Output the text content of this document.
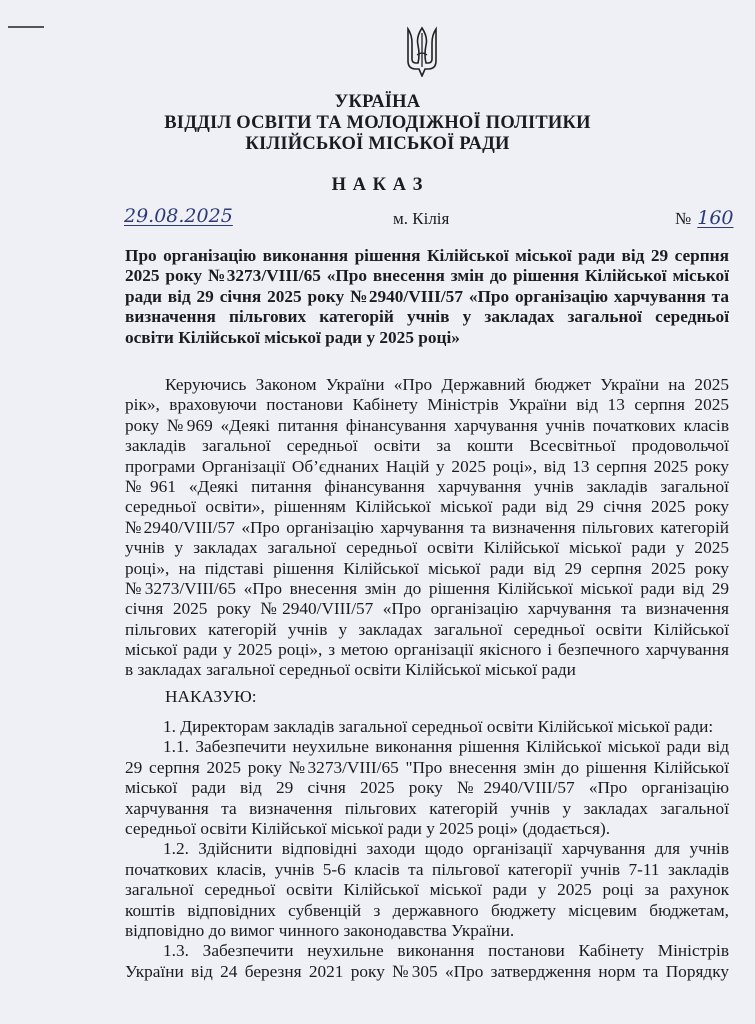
УКРАЇНА
ВІДДІЛ ОСВІТИ ТА МОЛОДІЖНОЇ ПОЛІТИКИ
КІЛІЙСЬКОЇ МІСЬКОЇ РАДИ
Н А К А З
29.08.2025	м. Кілія	№ 160
Про організацію виконання рішення Кілійської міської ради від 29 серпня
2025 року №3273/VIII/65 «Про внесення змін до рішення Кілійської міської
ради від 29 січня 2025 року №2940/VIII/57 «Про організацію харчування та
визначення пільгових категорій учнів у закладах загальної середньої
освіти Кілійської міської ради у 2025 році»
Керуючись Законом України «Про Державний бюджет України на 2025
рік», враховуючи постанови Кабінету Міністрів України від 13 серпня 2025
року №969 «Деякі питання фінансування харчування учнів початкових класів
закладів загальної середньої освіти за кошти Всесвітньої продовольчої
програми Організації Об’єднаних Націй у 2025 році», від 13 серпня 2025 року
№961 «Деякі питання фінансування харчування учнів закладів загальної
середньої освіти», рішенням Кілійської міської ради від 29 січня 2025 року
№2940/VIII/57 «Про організацію харчування та визначення пільгових категорій
учнів у закладах загальної середньої освіти Кілійської міської ради у 2025
році», на підставі рішення Кілійської міської ради від 29 серпня 2025 року
№3273/VIII/65 «Про внесення змін до рішення Кілійської міської ради від 29
січня 2025 року №2940/VIII/57 «Про організацію харчування та визначення
пільгових категорій учнів у закладах загальної середньої освіти Кілійської
міської ради у 2025 році», з метою організації якісного і безпечного харчування
в закладах загальної середньої освіти Кілійської міської ради
НАКАЗУЮ:
1. Директорам закладів загальної середньої освіти Кілійської міської ради:
1.1. Забезпечити неухильне виконання рішення Кілійської міської ради від
29 серпня 2025 року №3273/VIII/65 "Про внесення змін до рішення Кілійської
міської ради від 29 січня 2025 року №2940/VIII/57 «Про організацію
харчування та визначення пільгових категорій учнів у закладах загальної
середньої освіти Кілійської міської ради у 2025 році» (додається).
1.2. Здійснити відповідні заходи щодо організації харчування для учнів
початкових класів, учнів 5-6 класів та пільгової категорії учнів 7-11 закладів
загальної середньої освіти Кілійської міської ради у 2025 році за рахунок
коштів відповідних субвенцій з державного бюджету місцевим бюджетам,
відповідно до вимог чинного законодавства України.
1.3. Забезпечити неухильне виконання постанови Кабінету Міністрів
України від 24 березня 2021 року №305 «Про затвердження норм та Порядку
